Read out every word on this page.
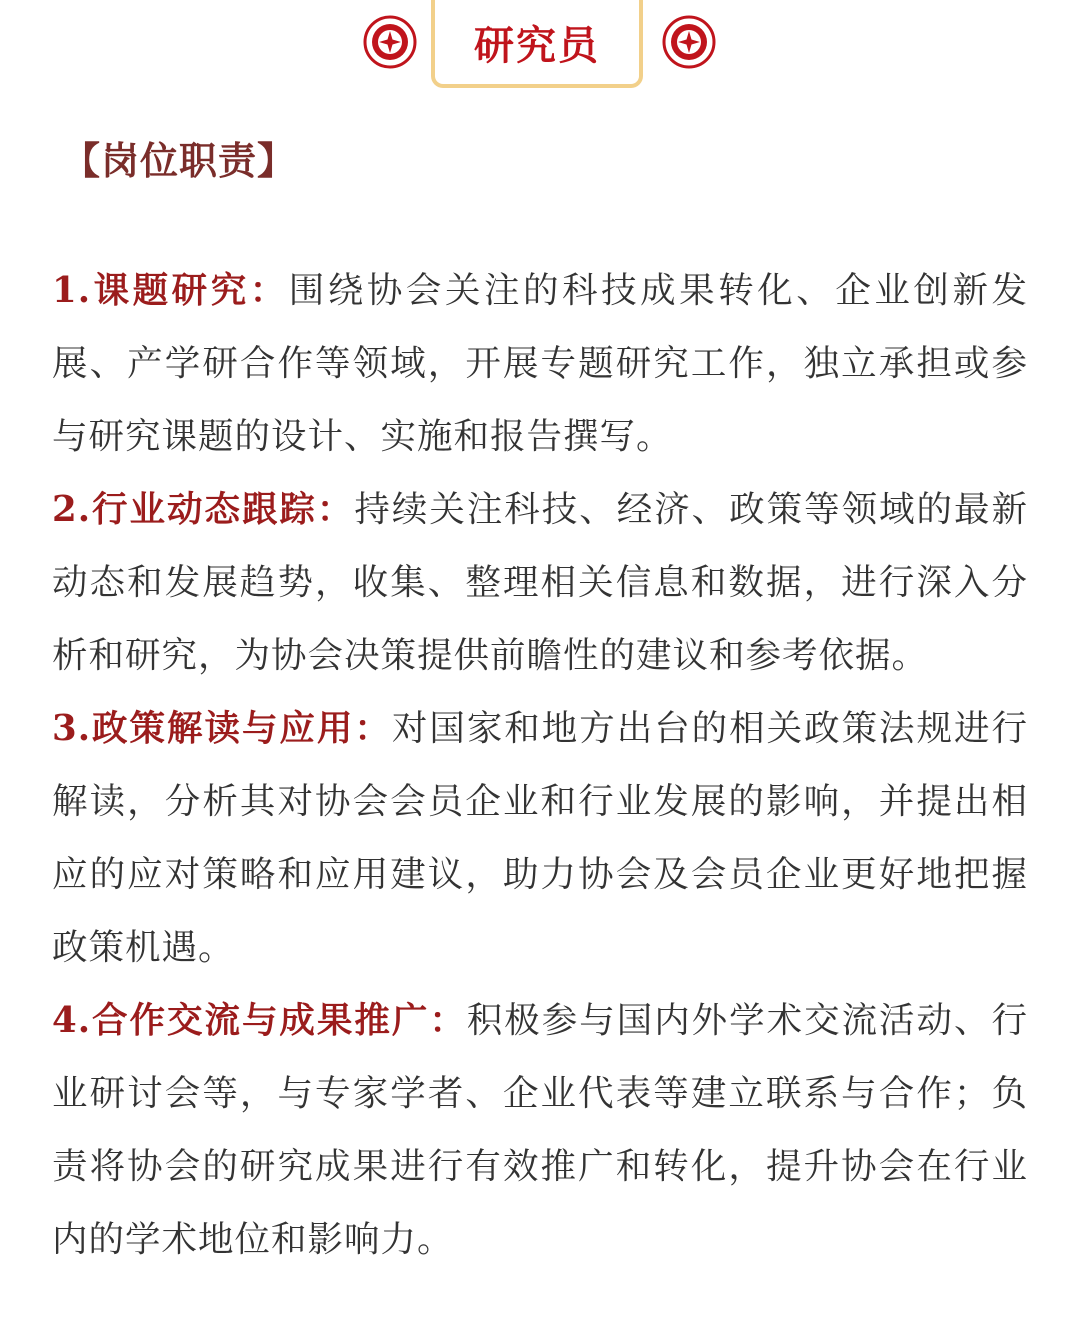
研究员
【岗位职责】

1.课题研究：围绕协会关注的科技成果转化、企业创新发展、产学研合作等领域，开展专题研究工作，独立承担或参与研究课题的设计、实施和报告撰写。

2.行业动态跟踪：持续关注科技、经济、政策等领域的最新动态和发展趋势，收集、整理相关信息和数据，进行深入分析和研究，为协会决策提供前瞻性的建议和参考依据。

3.政策解读与应用：对国家和地方出台的相关政策法规进行解读，分析其对协会会员企业和行业发展的影响，并提出相应的应对策略和应用建议，助力协会及会员企业更好地把握政策机遇。

4.合作交流与成果推广：积极参与国内外学术交流活动、行业研讨会等，与专家学者、企业代表等建立联系与合作；负责将协会的研究成果进行有效推广和转化，提升协会在行业内的学术地位和影响力。
